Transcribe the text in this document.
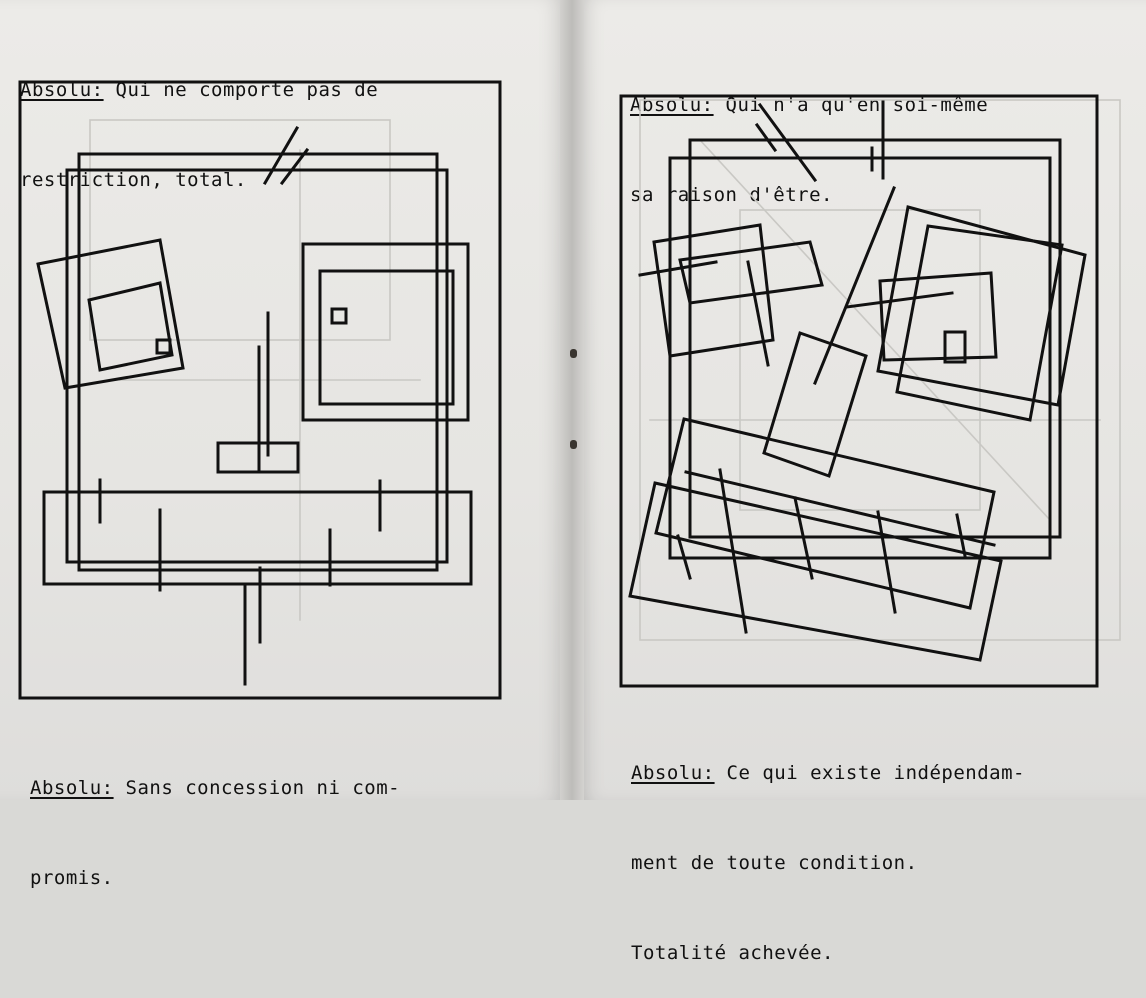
Absolu: Qui ne comporte pas de

restriction, total.

Absolu: Sans concession ni com-

promis.

Absolu: Qui n'a qu'en soi-même

sa raison d'être.

Absolu: Ce qui existe indépendam-

ment de toute condition.

Totalité achevée.
